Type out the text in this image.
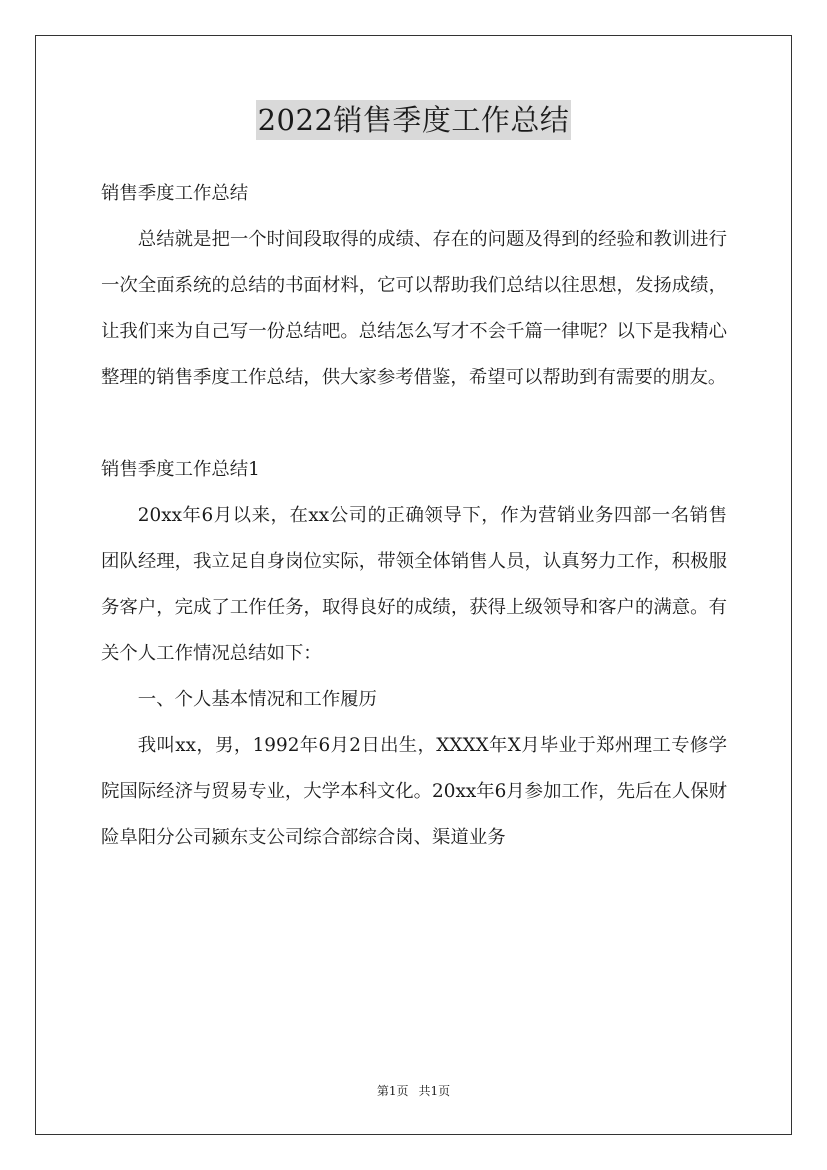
2022销售季度工作总结

销售季度工作总结

总结就是把一个时间段取得的成绩、存在的问题及得到的经验和教训进行一次全面系统的总结的书面材料，它可以帮助我们总结以往思想，发扬成绩，让我们来为自己写一份总结吧。总结怎么写才不会千篇一律呢？以下是我精心整理的销售季度工作总结，供大家参考借鉴，希望可以帮助到有需要的朋友。

销售季度工作总结1

20xx年6月以来，在xx公司的正确领导下，作为营销业务四部一名销售团队经理，我立足自身岗位实际，带领全体销售人员，认真努力工作，积极服务客户，完成了工作任务，取得良好的成绩，获得上级领导和客户的满意。有关个人工作情况总结如下：

一、个人基本情况和工作履历

我叫xx，男，1992年6月2日出生，XXXX年X月毕业于郑州理工专修学院国际经济与贸易专业，大学本科文化。20xx年6月参加工作，先后在人保财险阜阳分公司颍东支公司综合部综合岗、渠道业务

第1页 共1页
